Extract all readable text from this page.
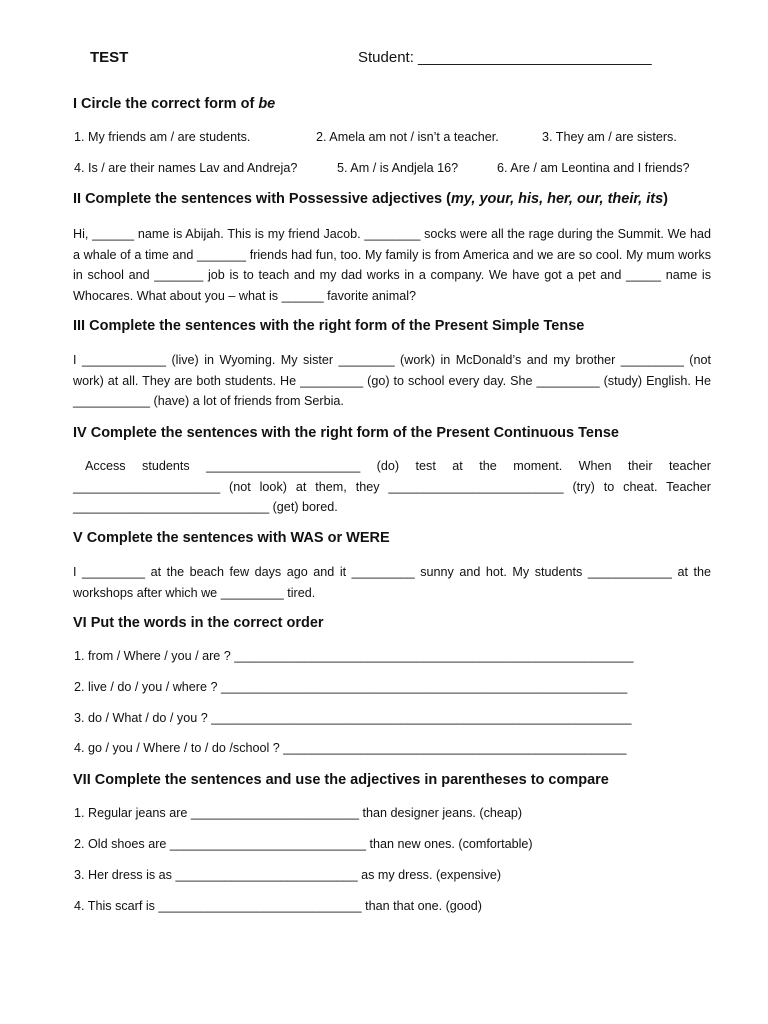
TEST	Student: ____________________________
I Circle the correct form of be
1. My friends am / are students.	2. Amela am not / isn’t a teacher.	3. They am / are sisters.
4. Is / are their names Lav and Andreja?	5. Am / is Andjela 16?	6. Are / am Leontina and I friends?
II Complete the sentences with Possessive adjectives (my, your, his, her, our, their, its)
Hi, ______ name is Abijah. This is my friend Jacob. ________ socks were all the rage during the Summit. We had a whale of a time and _______ friends had fun, too. My family is from America and we are so cool. My mum works in school and _______ job is to teach and my dad works in a company. We have got a pet and _____ name is Whocares. What about you – what is ______ favorite animal?
III Complete the sentences with the right form of the Present Simple Tense
I ____________ (live) in Wyoming. My sister ________ (work) in McDonald’s and my brother _________ (not work) at all. They are both students. He _________ (go) to school every day. She _________ (study) English. He ___________ (have) a lot of friends from Serbia.
IV Complete the sentences with the right form of the Present Continuous Tense
Access students ______________________ (do) test at the moment. When their teacher _____________________ (not look) at them, they _________________________ (try) to cheat. Teacher ____________________________ (get) bored.
V Complete the sentences with WAS or WERE
I _________ at the beach few days ago and it _________ sunny and hot. My students ____________ at the workshops after which we _________ tired.
VI Put the words in the correct order
1. from / Where / you / are ? _________________________________________________________
2. live / do / you / where ? __________________________________________________________
3. do / What / do / you ? ____________________________________________________________
4. go / you / Where / to / do /school ? _________________________________________________
VII Complete the sentences and use the adjectives in parentheses to compare
1. Regular jeans are ________________________ than designer jeans. (cheap)
2. Old shoes are ____________________________ than new ones. (comfortable)
3. Her dress is as __________________________ as my dress. (expensive)
4. This scarf is _____________________________ than that one. (good)
